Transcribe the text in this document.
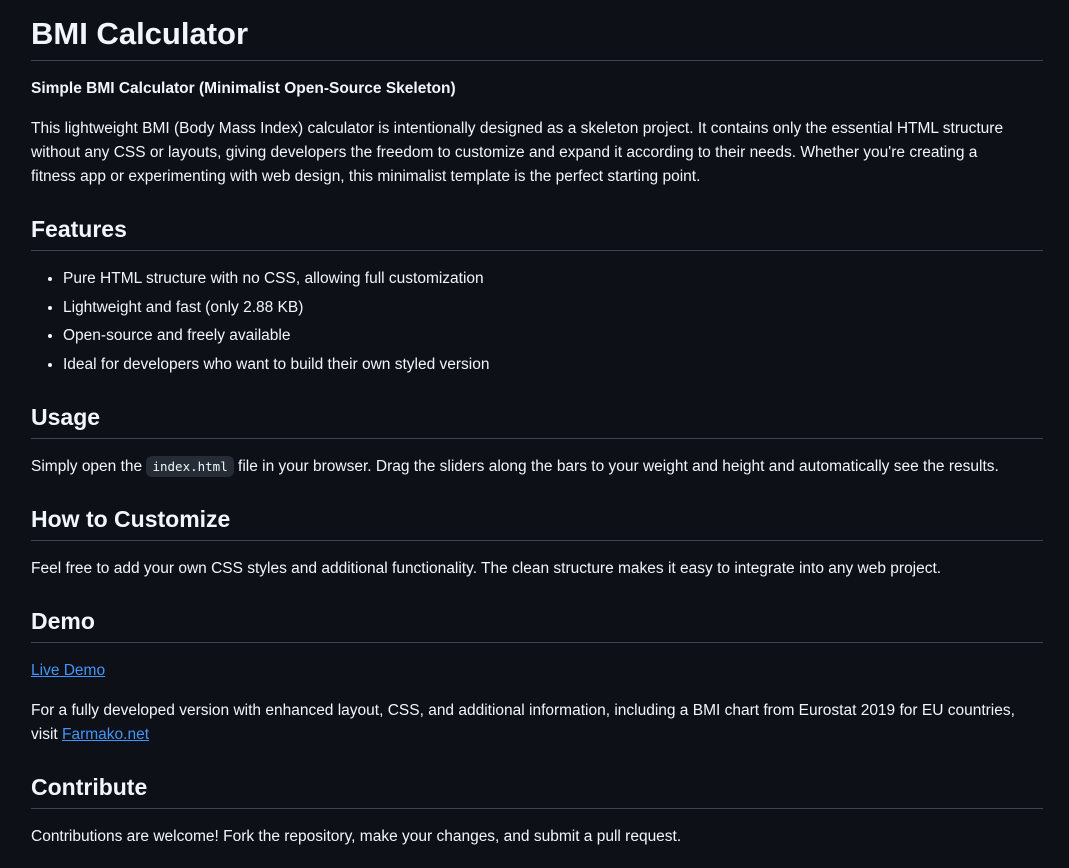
BMI Calculator

Simple BMI Calculator (Minimalist Open-Source Skeleton)

This lightweight BMI (Body Mass Index) calculator is intentionally designed as a skeleton project. It contains only the essential HTML structure
without any CSS or layouts, giving developers the freedom to customize and expand it according to their needs. Whether you're creating a
fitness app or experimenting with web design, this minimalist template is the perfect starting point.

Features
• Pure HTML structure with no CSS, allowing full customization
• Lightweight and fast (only 2.88 KB)
• Open-source and freely available
• Ideal for developers who want to build their own styled version
Usage

Simply open the index.html file in your browser. Drag the sliders along the bars to your weight and height and automatically see the results.

How to Customize

Feel free to add your own CSS styles and additional functionality. The clean structure makes it easy to integrate into any web project.

Demo

Live Demo

For a fully developed version with enhanced layout, CSS, and additional information, including a BMI chart from Eurostat 2019 for EU countries,
visit Farmako.net

Contribute

Contributions are welcome! Fork the repository, make your changes, and submit a pull request.
